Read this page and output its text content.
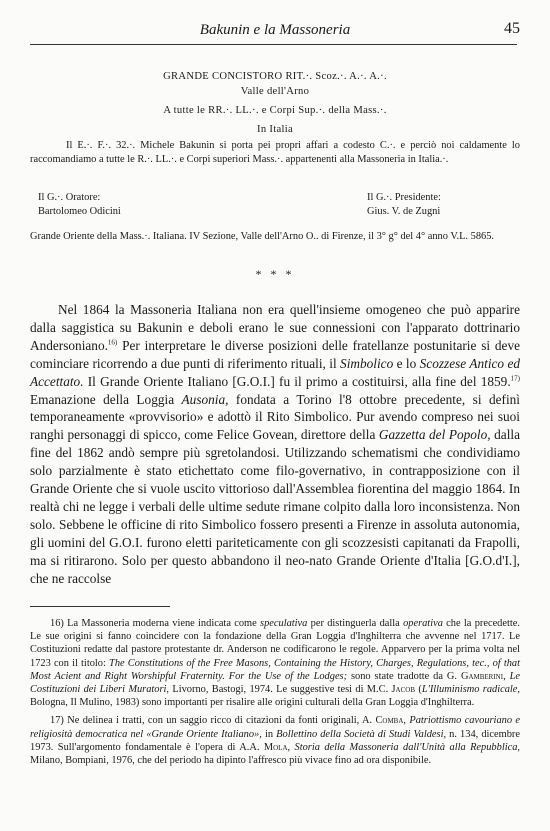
Bakunin e la Massoneria	45
GRANDE CONCISTORO RIT.·. Scoz.·. A.·. A.·.
Valle dell'Arno
A tutte le RR.·. LL.·. e Corpi Sup.·. della Mass.·.
In Italia
Il E.·. F.·. 32.·. Michele Bakunin si porta pei propri affari a codesto C.·. e perciò noi caldamente lo raccomandiamo a tutte le R.·. LL.·. e Corpi superiori Mass.·. appartenenti alla Massoneria in Italia.·.
Il G.·. Oratore:
Bartolomeo Odicini
Il G.·. Presidente:
Gius. V. de Zugni
Grande Oriente della Mass.·. Italiana. IV Sezione, Valle dell'Arno O.. di Firenze, il 3° g° del 4° anno V.L. 5865.
* * *
Nel 1864 la Massoneria Italiana non era quell'insieme omogeneo che può apparire dalla saggistica su Bakunin e deboli erano le sue connessioni con l'apparato dottrinario Andersoniano.$^{16)}$ Per interpretare le diverse posizioni delle fratellanze postunitarie si deve cominciare ricorrendo a due punti di riferimento rituali, il Simbolico e lo Scozzese Antico ed Accettato. Il Grande Oriente Italiano [G.O.I.] fu il primo a costituirsi, alla fine del 1859.$^{17)}$ Emanazione della Loggia Ausonia, fondata a Torino l'8 ottobre precedente, si definì temporaneamente «provvisorio» e adottò il Rito Simbolico. Pur avendo compreso nei suoi ranghi personaggi di spicco, come Felice Govean, direttore della Gazzetta del Popolo, dalla fine del 1862 andò sempre più sgretolandosi. Utilizzando schematismi che condividiamo solo parzialmente è stato etichettato come filo-governativo, in contrapposizione con il Grande Oriente che si vuole uscito vittorioso dall'Assemblea fiorentina del maggio 1864. In realtà chi ne legge i verbali delle ultime sedute rimane colpito dalla loro inconsistenza. Non solo. Sebbene le officine di rito Simbolico fossero presenti a Firenze in assoluta autonomia, gli uomini del G.O.I. furono eletti pariteticamente con gli scozzesisti capitanati da Frapolli, ma si ritirarono. Solo per questo abbandono il neo-nato Grande Oriente d'Italia [G.O.d'I.], che ne raccolse

16) La Massoneria moderna viene indicata come speculativa per distinguerla dalla operativa che la precedette. Le sue origini si fanno coincidere con la fondazione della Gran Loggia d'Inghilterra che avvenne nel 1717. Le Costituzioni redatte dal pastore protestante dr. Anderson ne codificarono le regole. Apparvero per la prima volta nel 1723 con il titolo: The Constitutions of the Free Masons, Containing the History, Charges, Regulations, tec., of that Most Acient and Right Worshipful Fraternity. For the Use of the Lodges; sono state tradotte da G. Gamberini, Le Costituzioni dei Liberi Muratori, Livorno, Bastogi, 1974. Le suggestive tesi di M.C. Jacob (L'Illuminismo radicale, Bologna, Il Mulino, 1983) sono importanti per risalire alle origini culturali della Gran Loggia d'Inghilterra.

17) Ne delinea i tratti, con un saggio ricco di citazioni da fonti originali, A. Comba, Patriottismo cavouriano e religiosità democratica nel «Grande Oriente Italiano», in Bollettino della Società di Studi Valdesi, n. 134, dicembre 1973. Sull'argomento fondamentale è l'opera di A.A. Mola, Storia della Massoneria dall'Unità alla Repubblica, Milano, Bompiani, 1976, che del periodo ha dipinto l'affresco più vivace fino ad ora disponibile.
